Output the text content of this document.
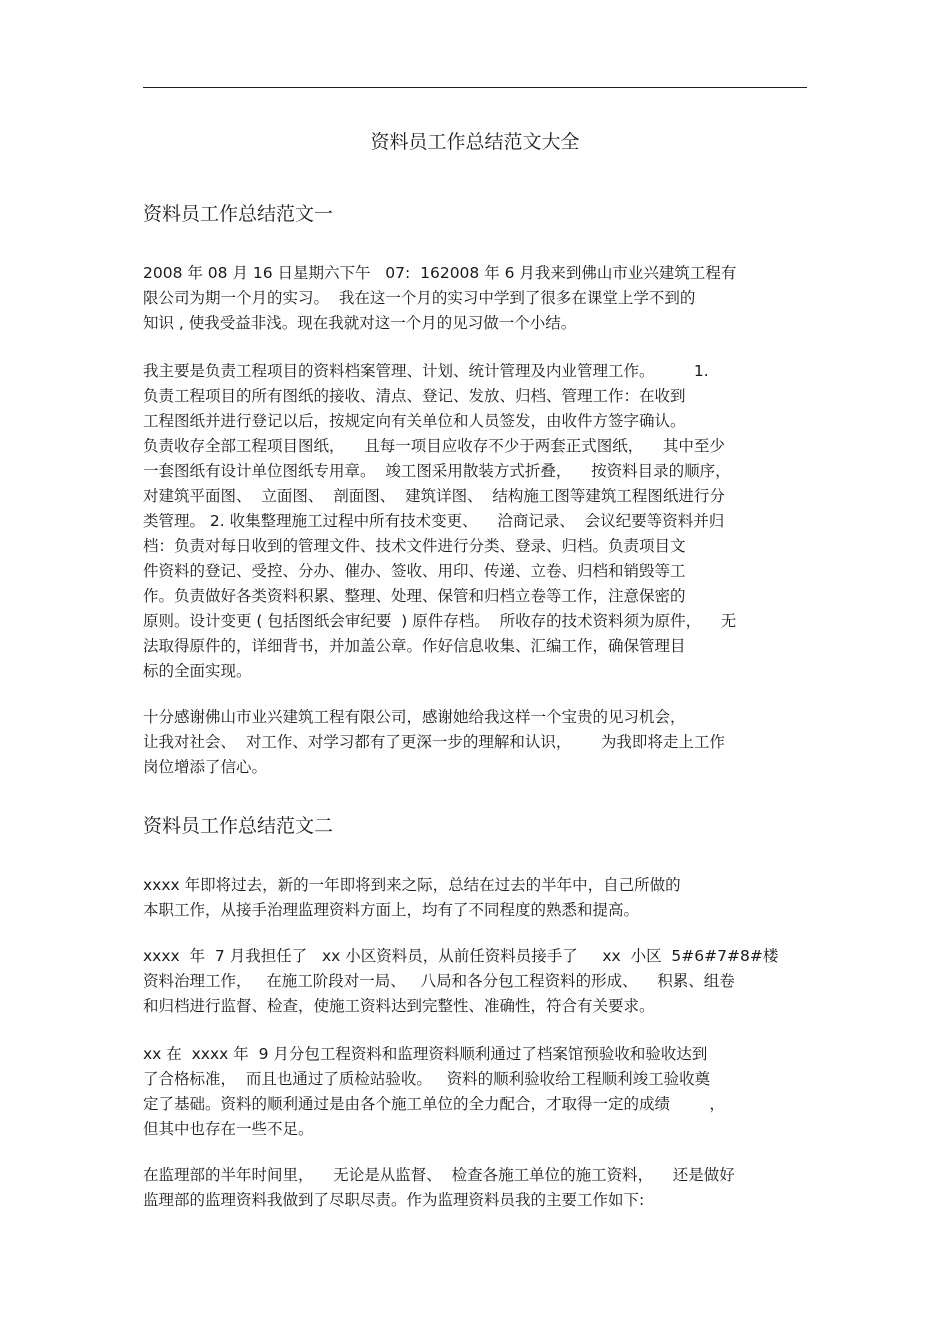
资料员工作总结范文大全
资料员工作总结范文一
2008 年 08 月 16 日星期六下午   07:  162008 年 6 月我来到佛山市业兴建筑工程有
限公司为期一个月的实习。  我在这一个月的实习中学到了很多在课堂上学不到的
知识 , 使我受益非浅。现在我就对这一个月的见习做一个小结。
我主要是负责工程项目的资料档案管理、计划、统计管理及内业管理工作。        1.
负责工程项目的所有图纸的接收、清点、登记、发放、归档、管理工作：在收到
工程图纸并进行登记以后，按规定向有关单位和人员签发，由收件方签字确认。
负责收存全部工程项目图纸，    且每一项目应收存不少于两套正式图纸，    其中至少
一套图纸有设计单位图纸专用章。  竣工图采用散装方式折叠，    按资料目录的顺序，
对建筑平面图、  立面图、  剖面图、  建筑详图、  结构施工图等建筑工程图纸进行分
类管理。 2. 收集整理施工过程中所有技术变更、    洽商记录、  会议纪要等资料并归
档：负责对每日收到的管理文件、技术文件进行分类、登录、归档。负责项目文
件资料的登记、受控、分办、催办、签收、用印、传递、立卷、归档和销毁等工
作。负责做好各类资料积累、整理、处理、保管和归档立卷等工作，注意保密的
原则。设计变更 ( 包括图纸会审纪要  ) 原件存档。  所收存的技术资料须为原件，    无
法取得原件的，详细背书，并加盖公章。作好信息收集、汇编工作，确保管理目
标的全面实现。
十分感谢佛山市业兴建筑工程有限公司，感谢她给我这样一个宝贵的见习机会，
让我对社会、  对工作、对学习都有了更深一步的理解和认识，      为我即将走上工作
岗位增添了信心。
资料员工作总结范文二
xxxx 年即将过去，新的一年即将到来之际，总结在过去的半年中，自己所做的
本职工作，从接手治理监理资料方面上，均有了不同程度的熟悉和提高。
xxxx  年  7 月我担任了   xx 小区资料员，从前任资料员接手了     xx  小区  5#6#7#8#楼
资料治理工作，   在施工阶段对一局、   八局和各分包工程资料的形成、    积累、组卷
和归档进行监督、检查，使施工资料达到完整性、准确性，符合有关要求。
xx 在  xxxx 年  9 月分包工程资料和监理资料顺利通过了档案馆预验收和验收达到
了合格标准，  而且也通过了质检站验收。   资料的顺利验收给工程顺利竣工验收奠
定了基础。资料的顺利通过是由各个施工单位的全力配合，才取得一定的成绩        ，
但其中也存在一些不足。
在监理部的半年时间里，    无论是从监督、  检查各施工单位的施工资料，    还是做好
监理部的监理资料我做到了尽职尽责。作为监理资料员我的主要工作如下:
